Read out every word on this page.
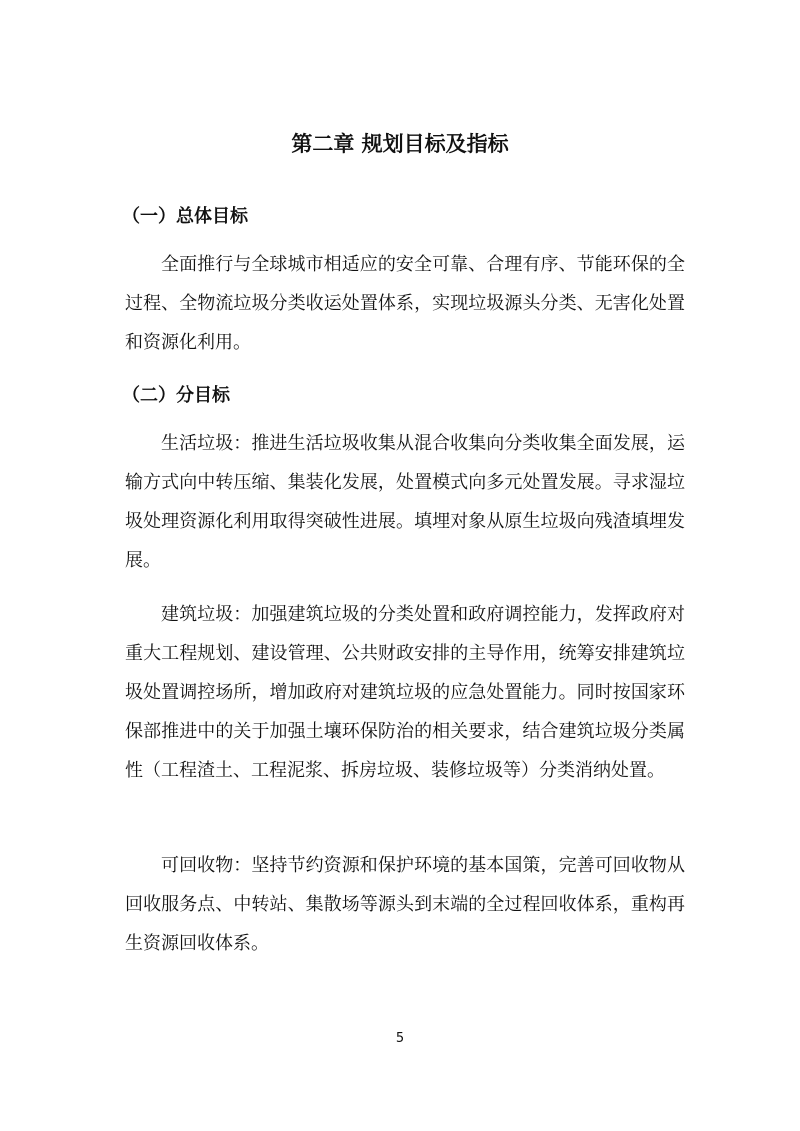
第二章 规划目标及指标
（一）总体目标

全面推行与全球城市相适应的安全可靠、合理有序、节能环保的全过程、全物流垃圾分类收运处置体系，实现垃圾源头分类、无害化处置和资源化利用。

（二）分目标

生活垃圾：推进生活垃圾收集从混合收集向分类收集全面发展，运输方式向中转压缩、集装化发展，处置模式向多元处置发展。寻求湿垃圾处理资源化利用取得突破性进展。填埋对象从原生垃圾向残渣填埋发展。

建筑垃圾：加强建筑垃圾的分类处置和政府调控能力，发挥政府对重大工程规划、建设管理、公共财政安排的主导作用，统筹安排建筑垃圾处置调控场所，增加政府对建筑垃圾的应急处置能力。同时按国家环保部推进中的关于加强土壤环保防治的相关要求，结合建筑垃圾分类属性（工程渣土、工程泥浆、拆房垃圾、装修垃圾等）分类消纳处置。

可回收物：坚持节约资源和保护环境的基本国策，完善可回收物从回收服务点、中转站、集散场等源头到末端的全过程回收体系，重构再生资源回收体系。

5
